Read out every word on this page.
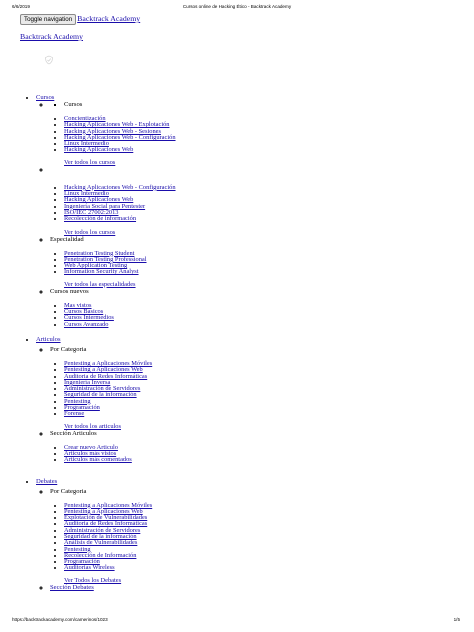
6/6/2019	Cursos online de Hacking Ético - Backtrack Academy
Toggle navigation Backtrack Academy
Backtrack Academy
• Cursos
▪ ◦ Cursos
• Concientización
• Hacking Aplicaciones Web - Explotación
• Hacking Aplicaciones Web - Sesiones
• Hacking Aplicaciones Web - Configuración
• Linux Intermedio
• Hacking Aplicaciones Web
Ver todos los cursos
◦
• Hacking Aplicaciones Web - Configuración
• Linux Intermedio
• Hacking Aplicaciones Web
• Ingeniería Social para Pentester
• ISO/IEC 27002:2013
• Recolección de información
Ver todos los cursos
◦ Especialidad
• Penetration Testing Student
• Penetration Testing Professional
• Web Application Testing
• Information Security Analyst
Ver todos las especialidades
◦ Cursos nuevos
• Mas vistos
• Cursos Basicos
• Cursos Intermedios
• Cursos Avanzado
• Articulos
◦ Por Categoria
• Pentesting a Aplicaciones Móviles
• Pentesting a Aplicaciones Web
• Auditoria de Redes Informáticas
• Ingeniería Inversa
• Administración de Servidores
• Seguridad de la información
• Pentesting
• Programación
• Forense
Ver todos los articulos
◦ Sección Articulos
• Crear nuevo Articulo
• Articulos más vistos
• Articulos más comentados
• Debates
◦ Por Categoria
• Pentesting a Aplicaciones Móviles
• Pentesting a Aplicaciones Web
• Explotación de Vulnerabilidades
• Auditoria de Redes Informáticas
• Administración de Servidores
• Seguridad de la información
• Análisis de Vulnerabilidades
• Pentesting
• Recolección de Información
• Programación
• Auditorias Wireless
Ver Todos los Debates
◦ Sección Debates
https://backtrackacademy.com/camerinos/1023	1/5
